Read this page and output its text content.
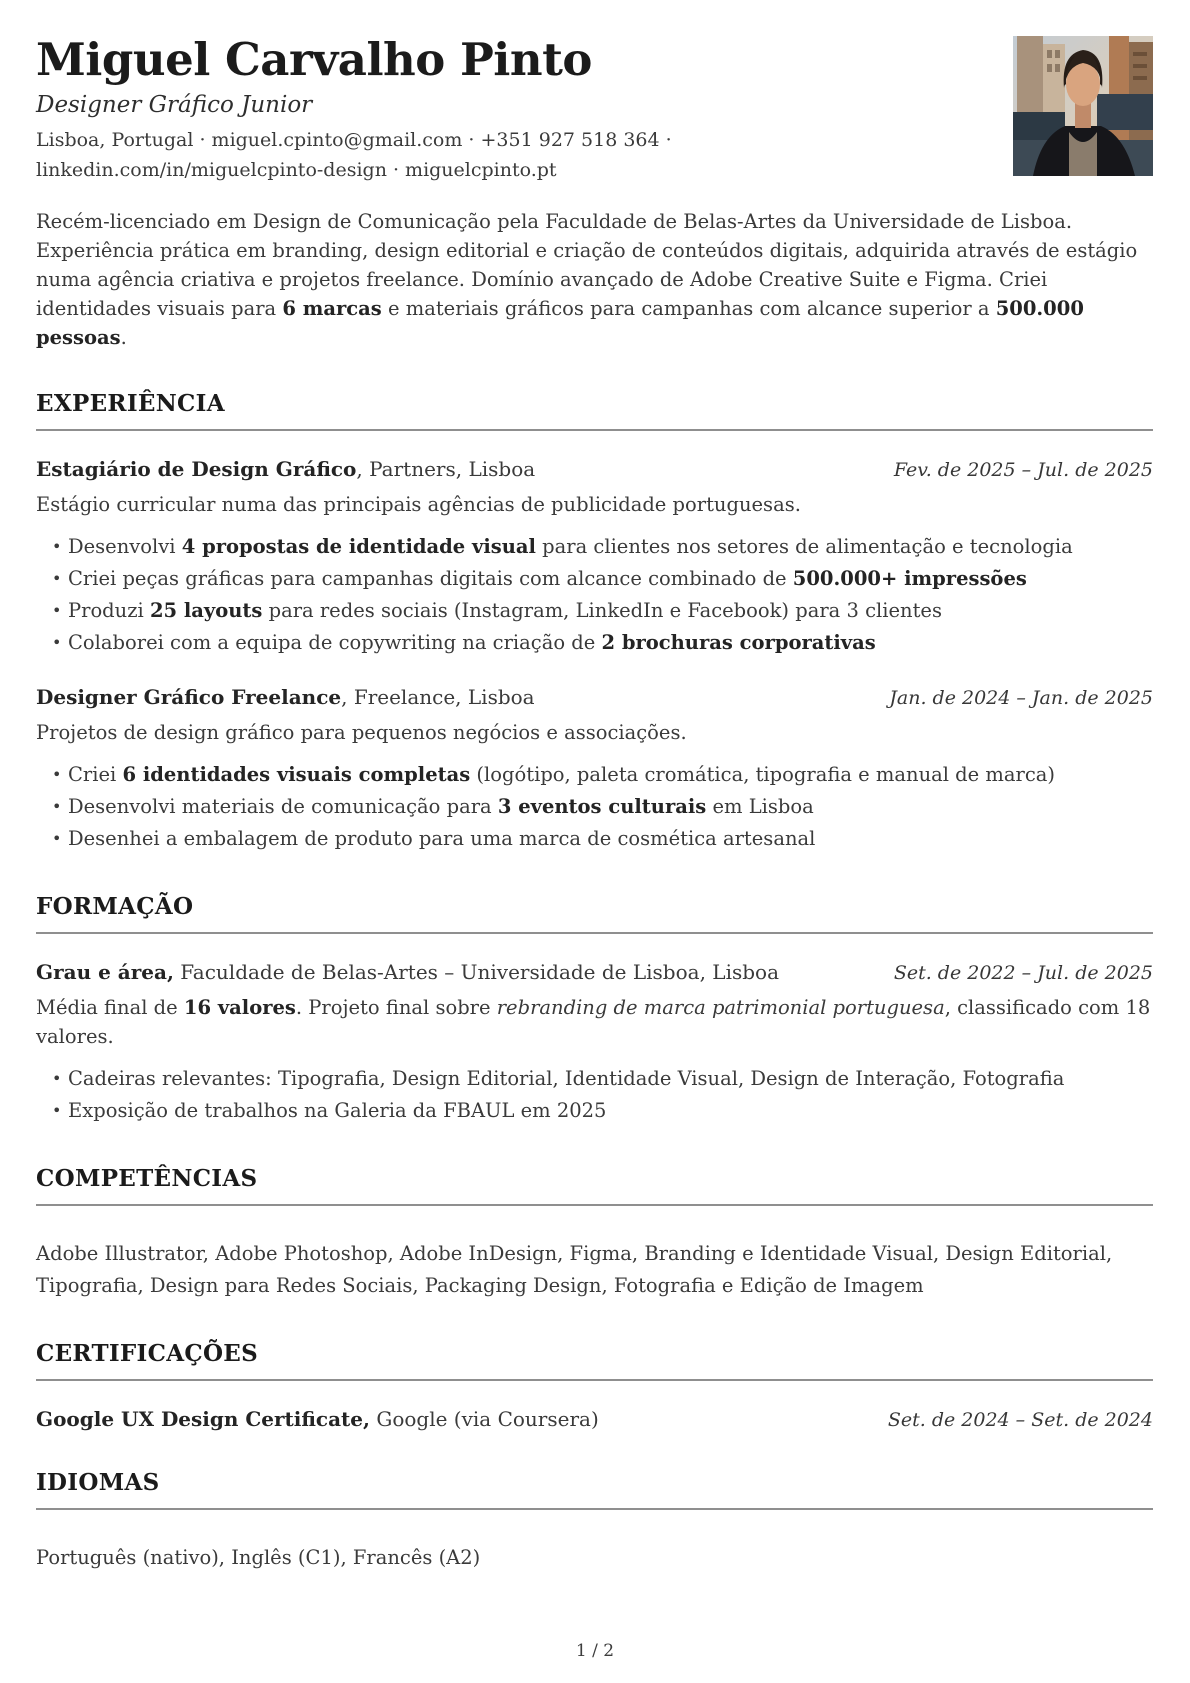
Miguel Carvalho Pinto
Designer Gráfico Junior
Lisboa, Portugal · miguel.cpinto@gmail.com · +351 927 518 364 ·
linkedin.com/in/miguelcpinto-design · miguelcpinto.pt

Recém-licenciado em Design de Comunicação pela Faculdade de Belas-Artes da Universidade de Lisboa. Experiência prática em branding, design editorial e criação de conteúdos digitais, adquirida através de estágio numa agência criativa e projetos freelance. Domínio avançado de Adobe Creative Suite e Figma. Criei identidades visuais para 6 marcas e materiais gráficos para campanhas com alcance superior a 500.000 pessoas.

EXPERIÊNCIA
Estagiário de Design Gráfico, Partners, Lisboa	Fev. de 2025 – Jul. de 2025

Estágio curricular numa das principais agências de publicidade portuguesas.

• Desenvolvi 4 propostas de identidade visual para clientes nos setores de alimentação e tecnologia
• Criei peças gráficas para campanhas digitais com alcance combinado de 500.000+ impressões
• Produzi 25 layouts para redes sociais (Instagram, LinkedIn e Facebook) para 3 clientes
• Colaborei com a equipa de copywriting na criação de 2 brochuras corporativas
Designer Gráfico Freelance, Freelance, Lisboa	Jan. de 2024 – Jan. de 2025

Projetos de design gráfico para pequenos negócios e associações.

• Criei 6 identidades visuais completas (logótipo, paleta cromática, tipografia e manual de marca)
• Desenvolvi materiais de comunicação para 3 eventos culturais em Lisboa
• Desenhei a embalagem de produto para uma marca de cosmética artesanal
FORMAÇÃO
Grau e área, Faculdade de Belas-Artes – Universidade de Lisboa, Lisboa	Set. de 2022 – Jul. de 2025

Média final de 16 valores. Projeto final sobre rebranding de marca patrimonial portuguesa, classificado com 18 valores.

• Cadeiras relevantes: Tipografia, Design Editorial, Identidade Visual, Design de Interação, Fotografia
• Exposição de trabalhos na Galeria da FBAUL em 2025
COMPETÊNCIAS

Adobe Illustrator, Adobe Photoshop, Adobe InDesign, Figma, Branding e Identidade Visual, Design Editorial, Tipografia, Design para Redes Sociais, Packaging Design, Fotografia e Edição de Imagem

CERTIFICAÇÕES
Google UX Design Certificate, Google (via Coursera)	Set. de 2024 – Set. de 2024
IDIOMAS

Português (nativo), Inglês (C1), Francês (A2)

1 / 2
